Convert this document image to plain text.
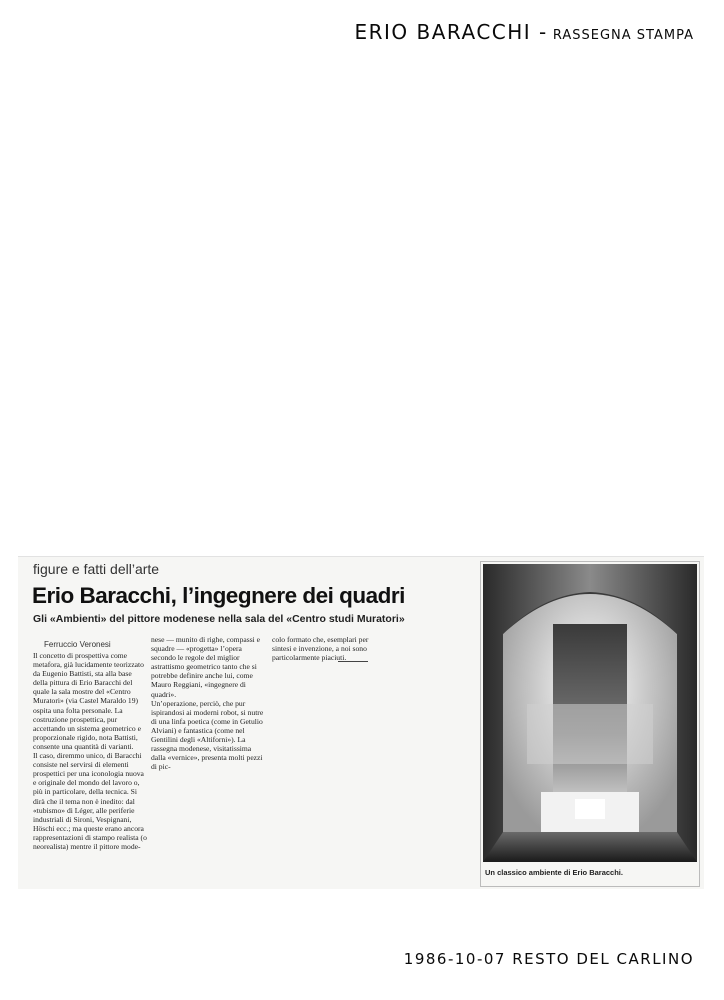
ERIO BARACCHI - RASSEGNA STAMPA
figure e fatti dell’arte
Erio Baracchi, l’ingegnere dei quadri
Gli «Ambienti» del pittore modenese nella sala del «Centro studi Muratori»
Ferruccio Veronesi

Il concetto di prospettiva come metafora, già lucidamente teorizzato da Eugenio Battisti, sta alla base della pittura di Erio Baracchi del quale la sala mostre del «Centro Muratori» (via Castel Maraldo 19) ospita una folta personale. La costruzione prospettica, pur accettando un sistema geometrico e proporzionale rigido, nota Battisti, consente una quantità di varianti.

Il caso, diremmo unico, di Baracchi consiste nel servirsi di elementi prospettici per una iconologia nuova e originale del mondo del lavoro o, più in particolare, della tecnica. Si dirà che il tema non è inedito: dal «tubismo» di Léger, alle periferie industriali di Sironi, Vespignani, Höschi ecc.; ma queste erano ancora rappresentazioni di stampo realista (o neorealista) mentre il pittore mode-

nese — munito di righe, compassi e squadre — «progetta» l’opera secondo le regole del miglior astrattismo geometrico tanto che si potrebbe definire anche lui, come Mauro Reggiani, «ingegnere di quadri».

Un’operazione, perciò, che pur ispirandosi ai moderni robot, si nutre di una linfa poetica (come in Getulio Alviani) e fantastica (come nel Gentilini degli «Altiforni»). La rassegna modenese, visitatissima dalla «vernice», presenta molti pezzi di pic-

colo formato che, esemplari per sintesi e invenzione, a noi sono particolarmente piaciuti.

Un classico ambiente di Erio Baracchi.
1986-10-07 RESTO DEL CARLINO
